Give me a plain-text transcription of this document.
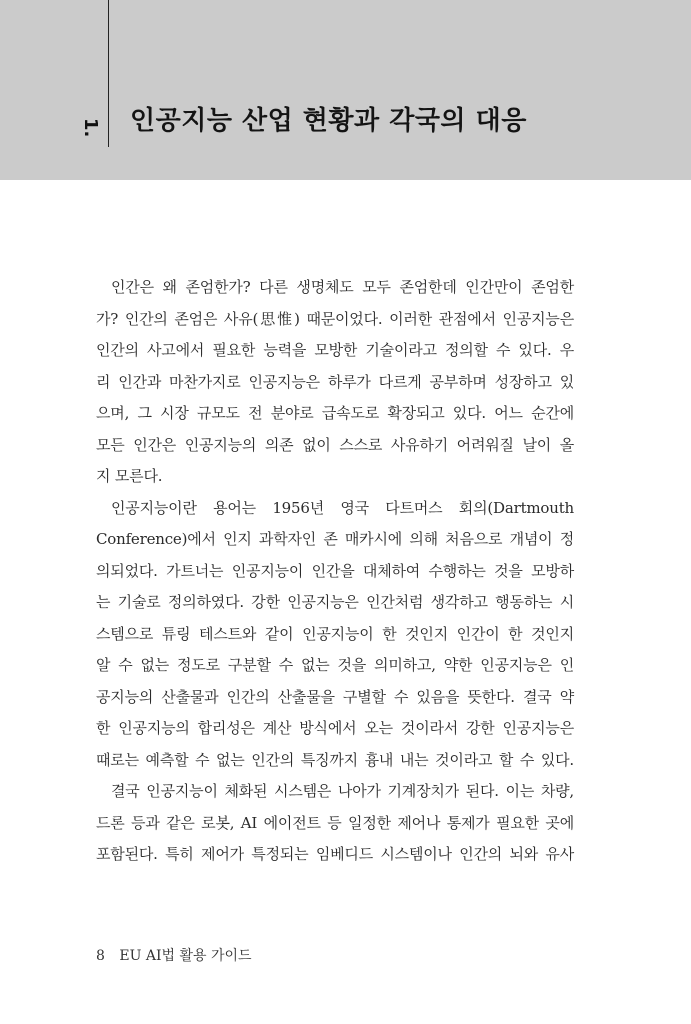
1. 인공지능 산업 현황과 각국의 대응
인간은 왜 존엄한가? 다른 생명체도 모두 존엄한데 인간만이 존엄한
가? 인간의 존엄은 사유(思惟) 때문이었다. 이러한 관점에서 인공지능은
인간의 사고에서 필요한 능력을 모방한 기술이라고 정의할 수 있다. 우
리 인간과 마찬가지로 인공지능은 하루가 다르게 공부하며 성장하고 있
으며, 그 시장 규모도 전 분야로 급속도로 확장되고 있다. 어느 순간에
모든 인간은 인공지능의 의존 없이 스스로 사유하기 어려워질 날이 올
지 모른다.
인공지능이란 용어는 1956년 영국 다트머스 회의(Dartmouth
Conference)에서 인지 과학자인 존 매카시에 의해 처음으로 개념이 정
의되었다. 가트너는 인공지능이 인간을 대체하여 수행하는 것을 모방하
는 기술로 정의하였다. 강한 인공지능은 인간처럼 생각하고 행동하는 시
스템으로 튜링 테스트와 같이 인공지능이 한 것인지 인간이 한 것인지
알 수 없는 정도로 구분할 수 없는 것을 의미하고, 약한 인공지능은 인
공지능의 산출물과 인간의 산출물을 구별할 수 있음을 뜻한다. 결국 약
한 인공지능의 합리성은 계산 방식에서 오는 것이라서 강한 인공지능은
때로는 예측할 수 없는 인간의 특징까지 흉내 내는 것이라고 할 수 있다.
결국 인공지능이 체화된 시스템은 나아가 기계장치가 된다. 이는 차량,
드론 등과 같은 로봇, AI 에이전트 등 일정한 제어나 통제가 필요한 곳에
포함된다. 특히 제어가 특정되는 임베디드 시스템이나 인간의 뇌와 유사
8 EU AI법 활용 가이드
